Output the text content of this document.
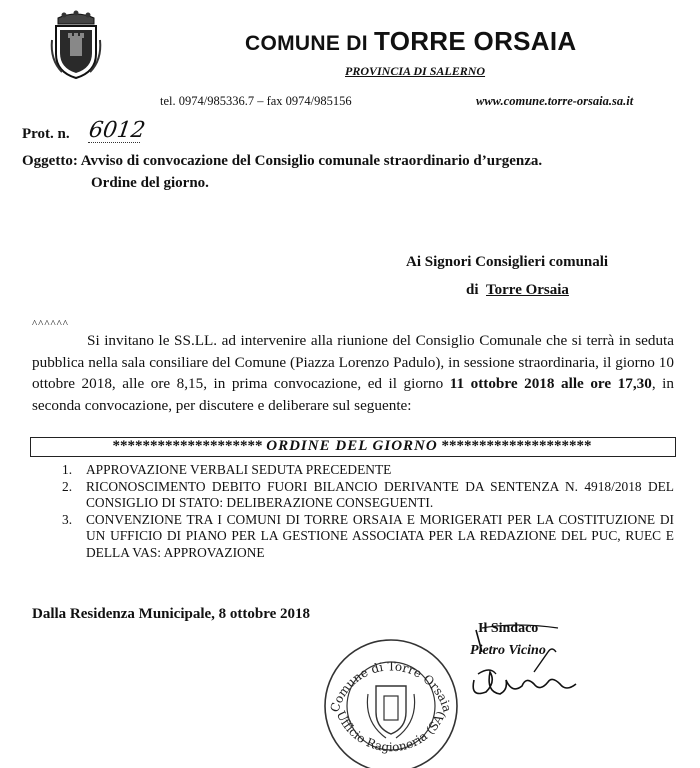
COMUNE DI TORRE ORSAIA
PROVINCIA DI SALERNO
tel. 0974/985336.7 – fax 0974/985156	www.comune.torre-orsaia.sa.it
Prot. n. 6012
Oggetto: Avviso di convocazione del Consiglio comunale straordinario d’urgenza.
Ordine del giorno.
Ai Signori Consiglieri comunali
di Torre Orsaia
^^^^^^
Si invitano le SS.LL. ad intervenire alla riunione del Consiglio Comunale che si terrà in seduta pubblica nella sala consiliare del Comune (Piazza Lorenzo Padulo), in sessione straordinaria, il giorno 10 ottobre 2018, alle ore 8,15, in prima convocazione, ed il giorno 11 ottobre 2018 alle ore 17,30, in seconda convocazione, per discutere e deliberare sul seguente:
******************** ORDINE DEL GIORNO ********************
1. APPROVAZIONE VERBALI SEDUTA PRECEDENTE
2. RICONOSCIMENTO DEBITO FUORI BILANCIO DERIVANTE DA SENTENZA N. 4918/2018 DEL CONSIGLIO DI STATO: DELIBERAZIONE CONSEGUENTI.
3. CONVENZIONE TRA I COMUNI DI TORRE ORSAIA E MORIGERATI PER LA COSTITUZIONE DI UN UFFICIO DI PIANO PER LA GESTIONE ASSOCIATA PER LA REDAZIONE DEL PUC, RUEC E DELLA VAS: APPROVAZIONE
Dalla Residenza Municipale, 8 ottobre 2018
Il Sindaco
Pietro Vicino
Comune di Torre Orsaia
Ufficio Ragioneria (SA)
